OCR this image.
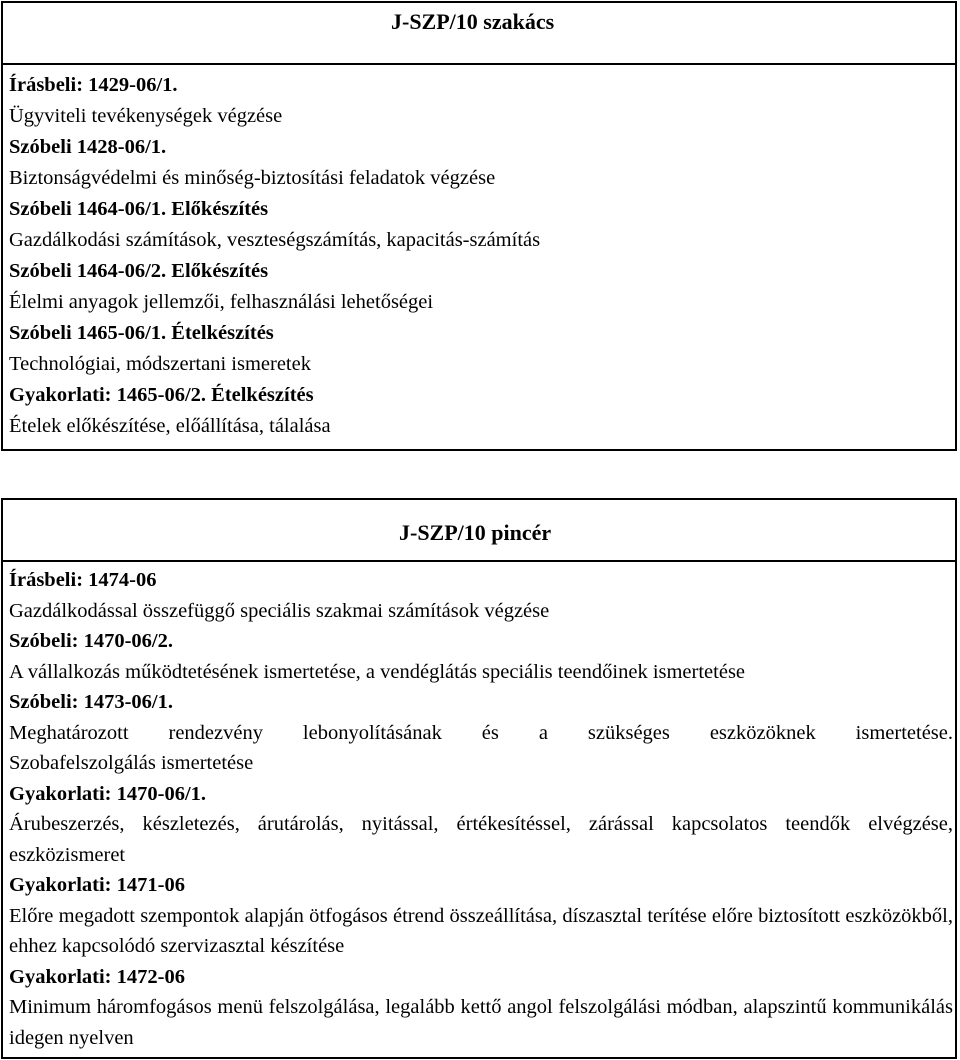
J-SZP/10 szakács

Írásbeli: 1429-06/1.

Ügyviteli tevékenységek végzése

Szóbeli 1428-06/1.

Biztonságvédelmi és minőség-biztosítási feladatok végzése

Szóbeli 1464-06/1. Előkészítés

Gazdálkodási számítások, veszteségszámítás, kapacitás-számítás

Szóbeli 1464-06/2. Előkészítés

Élelmi anyagok jellemzői, felhasználási lehetőségei

Szóbeli 1465-06/1. Ételkészítés

Technológiai, módszertani ismeretek

Gyakorlati: 1465-06/2. Ételkészítés

Ételek előkészítése, előállítása, tálalása

J-SZP/10 pincér

Írásbeli: 1474-06

Gazdálkodással összefüggő speciális szakmai számítások végzése

Szóbeli: 1470-06/2.

A vállalkozás működtetésének ismertetése, a vendéglátás speciális teendőinek ismertetése

Szóbeli: 1473-06/1.

Meghatározott rendezvény lebonyolításának és a szükséges eszközöknek ismertetése.

Szobafelszolgálás ismertetése

Gyakorlati: 1470-06/1.

Árubeszerzés, készletezés, árutárolás, nyitással, értékesítéssel, zárással kapcsolatos teendők elvégzése, eszközismeret

Gyakorlati: 1471-06

Előre megadott szempontok alapján ötfogásos étrend összeállítása, díszasztal terítése előre biztosított eszközökből, ehhez kapcsolódó szervizasztal készítése

Gyakorlati: 1472-06

Minimum háromfogásos menü felszolgálása, legalább kettő angol felszolgálási módban, alapszintű kommunikálás idegen nyelven
